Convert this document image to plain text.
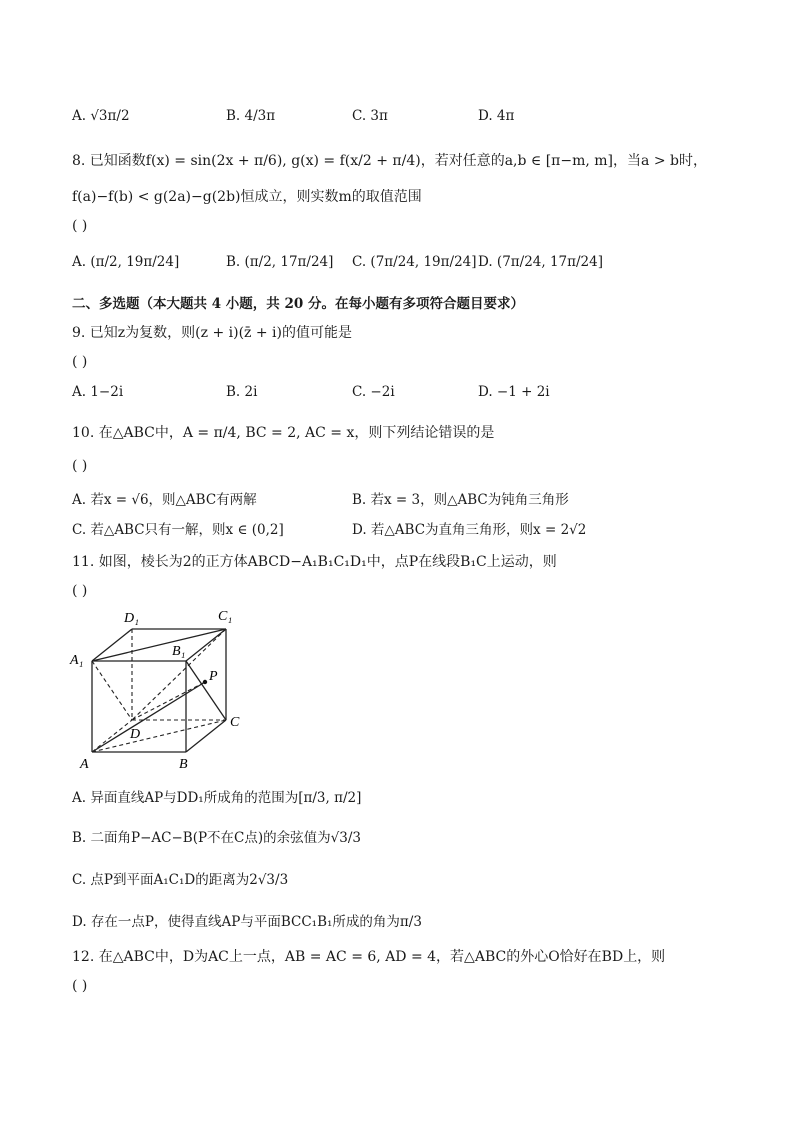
A. √3π/2	B. 4/3π	C. 3π	D. 4π
8. 已知函数f(x) = sin(2x + π/6), g(x) = f(x/2 + π/4)，若对任意的a,b ∈ [π−m, m]，当a > b时，
f(a)−f(b) < g(2a)−g(2b)恒成立，则实数m的取值范围
( )
A. (π/2, 19π/24]	B. (π/2, 17π/24] C. (7π/24, 19π/24] D. (7π/24, 17π/24]
二、多选题（本大题共 4 小题，共 20 分。在每小题有多项符合题目要求）
9. 已知z为复数，则(z + i)(z̄ + i)的值可能是
( )
A. 1−2i	B. 2i	C. −2i	D. −1 + 2i
10. 在△ABC中，A = π/4, BC = 2, AC = x，则下列结论错误的是
( )
A. 若x = √6，则△ABC有两解	B. 若x = 3，则△ABC为钝角三角形
C. 若△ABC只有一解，则x ∈ (0,2]	D. 若△ABC为直角三角形，则x = 2√2
11. 如图，棱长为2的正方体ABCD−A₁B₁C₁D₁中，点P在线段B₁C上运动，则
( )
D₁	C₁
A₁
B₁
P
C
D
A	B
A. 异面直线AP与DD₁所成角的范围为[π/3, π/2]
B. 二面角P−AC−B(P不在C点)的余弦值为√3/3
C. 点P到平面A₁C₁D的距离为2√3/3
D. 存在一点P，使得直线AP与平面BCC₁B₁所成的角为π/3
12. 在△ABC中，D为AC上一点，AB = AC = 6, AD = 4，若△ABC的外心O恰好在BD上，则
( )
